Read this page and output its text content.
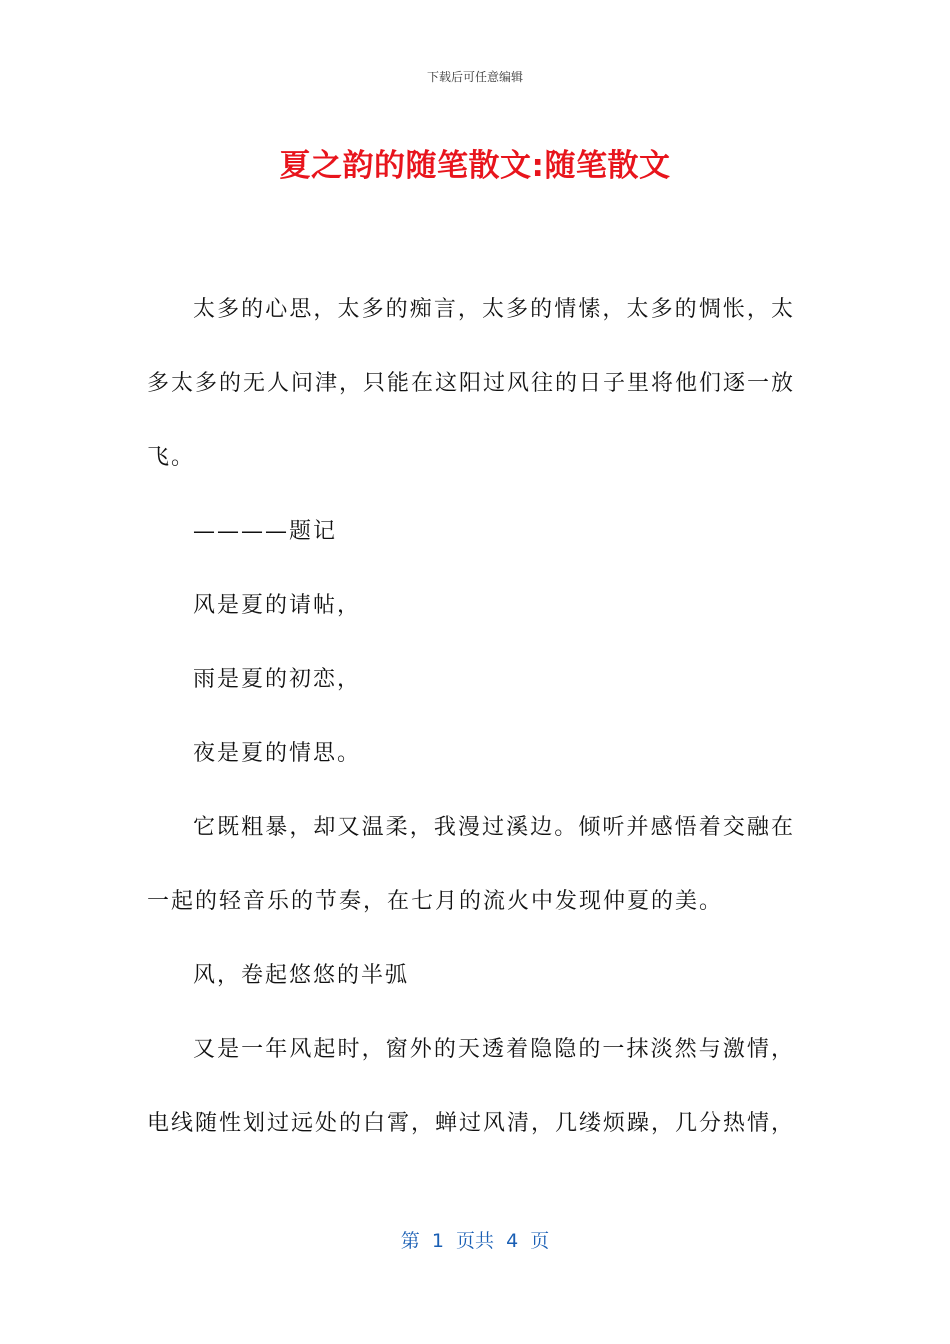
下载后可任意编辑
夏之韵的随笔散文:随笔散文

太多的心思，太多的痴言，太多的情愫，太多的惆怅，太多太多的无人问津，只能在这阳过风往的日子里将他们逐一放飞。

————题记

风是夏的请帖，

雨是夏的初恋，

夜是夏的情思。

它既粗暴，却又温柔，我漫过溪边。倾听并感悟着交融在一起的轻音乐的节奏，在七月的流火中发现仲夏的美。

风，卷起悠悠的半弧

又是一年风起时，窗外的天透着隐隐的一抹淡然与激情，电线随性划过远处的白霄，蝉过风清，几缕烦躁，几分热情，

第  1  页共  4  页
